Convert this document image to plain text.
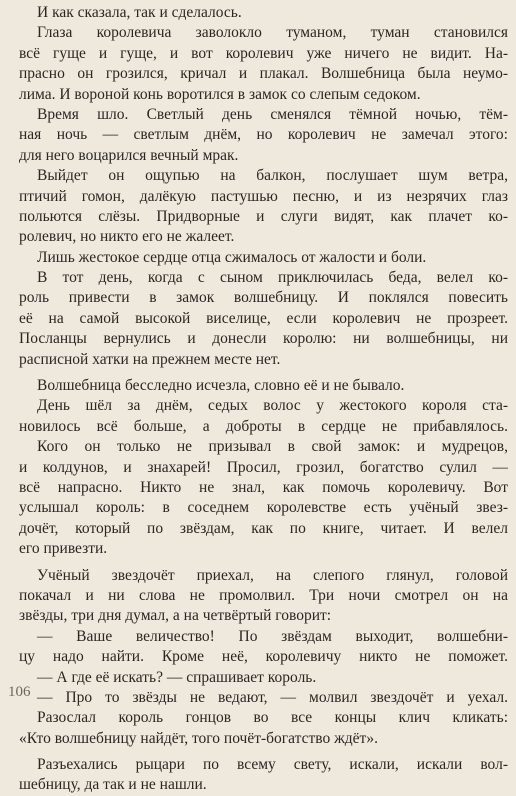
И как сказала, так и сделалось.
Глаза королевича заволокло туманом, туман становился
всё гуще и гуще, и вот королевич уже ничего не видит. На-
прасно он грозился, кричал и плакал. Волшебница была неумо-
лима. И вороной конь воротился в замок со слепым седоком.
Время шло. Светлый день сменялся тёмной ночью, тём-
ная ночь — светлым днём, но королевич не замечал этого:
для него воцарился вечный мрак.
Выйдет он ощупью на балкон, послушает шум ветра,
птичий гомон, далёкую пастушью песню, и из незрячих глаз
польются слёзы. Придворные и слуги видят, как плачет ко-
ролевич, но никто его не жалеет.
Лишь жестокое сердце отца сжималось от жалости и боли.
В тот день, когда с сыном приключилась беда, велел ко-
роль привести в замок волшебницу. И поклялся повесить
её на самой высокой виселице, если королевич не прозреет.
Посланцы вернулись и донесли королю: ни волшебницы, ни
расписной хатки на прежнем месте нет.
Волшебница бесследно исчезла, словно её и не бывало.
День шёл за днём, седых волос у жестокого короля ста-
новилось всё больше, а доброты в сердце не прибавлялось.
Кого он только не призывал в свой замок: и мудрецов,
и колдунов, и знахарей! Просил, грозил, богатство сулил —
всё напрасно. Никто не знал, как помочь королевичу. Вот
услышал король: в соседнем королевстве есть учёный звез-
дочёт, который по звёздам, как по книге, читает. И велел
его привезти.
Учёный звездочёт приехал, на слепого глянул, головой
покачал и ни слова не промолвил. Три ночи смотрел он на
звёзды, три дня думал, а на четвёртый говорит:
— Ваше величество! По звёздам выходит, волшебни-
цу надо найти. Кроме неё, королевичу никто не поможет.
— А где её искать? — спрашивает король.
— Про то звёзды не ведают, — молвил звездочёт и уехал.
Разослал король гонцов во все концы клич кликать:
«Кто волшебницу найдёт, того почёт-богатство ждёт».
Разъехались рыцари по всему свету, искали, искали вол-
шебницу, да так и не нашли.
106
